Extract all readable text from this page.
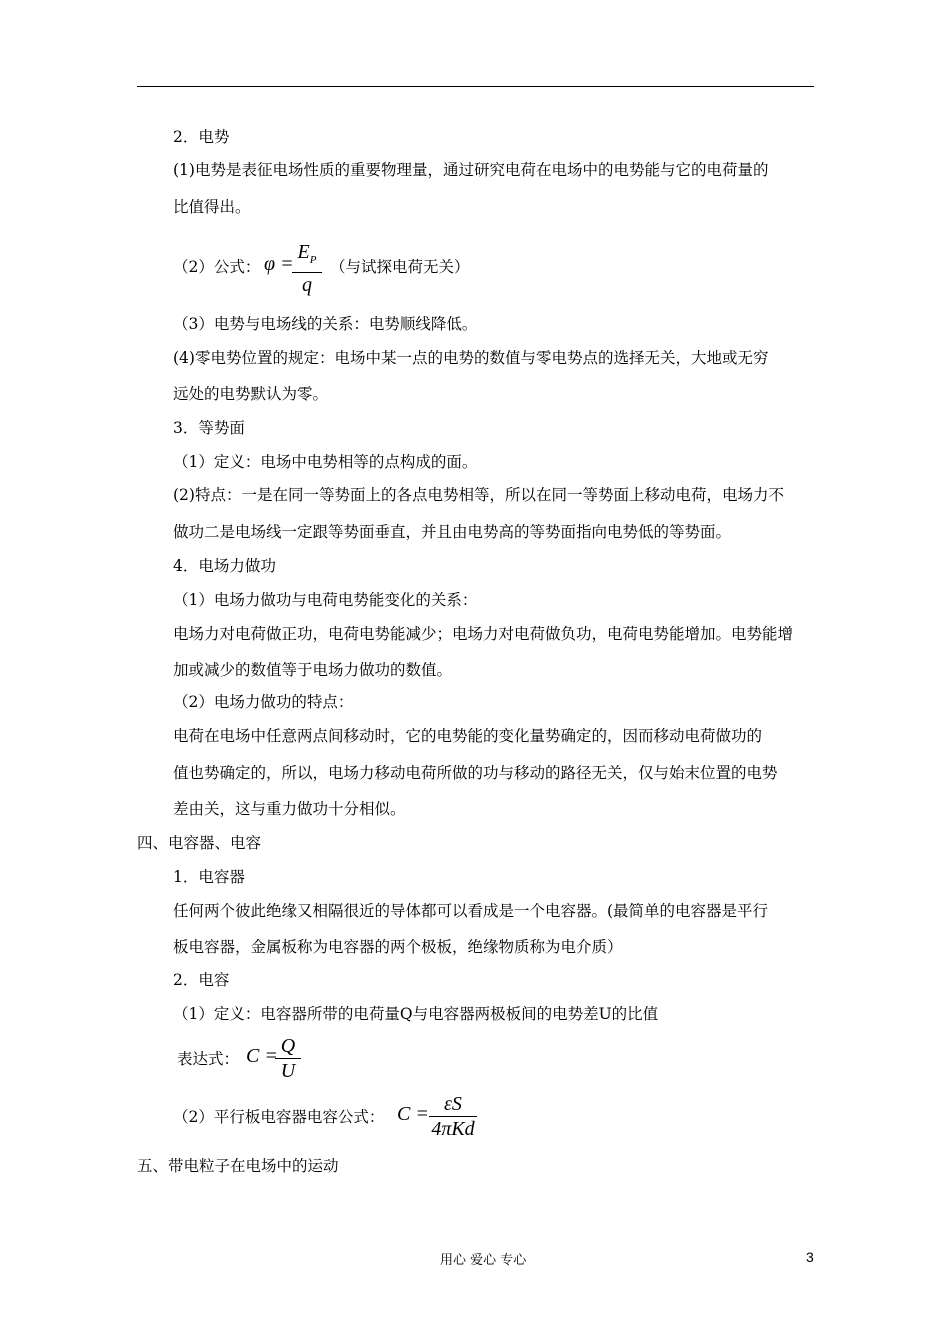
2．电势
(1)电势是表征电场性质的重要物理量，通过研究电荷在电场中的电势能与它的电荷量的
比值得出。
（2）公式： φ =
$E_P$
q
（与试探电荷无关）
（3）电势与电场线的关系：电势顺线降低。
(4)零电势位置的规定：电场中某一点的电势的数值与零电势点的选择无关，大地或无穷
远处的电势默认为零。
3．等势面
（1）定义：电场中电势相等的点构成的面。
(2)特点：一是在同一等势面上的各点电势相等，所以在同一等势面上移动电荷，电场力不
做功二是电场线一定跟等势面垂直，并且由电势高的等势面指向电势低的等势面。
4．电场力做功
（1）电场力做功与电荷电势能变化的关系：
电场力对电荷做正功，电荷电势能减少；电场力对电荷做负功，电荷电势能增加。电势能增
加或减少的数值等于电场力做功的数值。
（2）电场力做功的特点：
电荷在电场中任意两点间移动时，它的电势能的变化量势确定的，因而移动电荷做功的
值也势确定的，所以，电场力移动电荷所做的功与移动的路径无关，仅与始末位置的电势
差由关，这与重力做功十分相似。
四、电容器、电容
1．电容器
任何两个彼此绝缘又相隔很近的导体都可以看成是一个电容器。(最简单的电容器是平行
板电容器，金属板称为电容器的两个极板，绝缘物质称为电介质）
2．电容
（1）定义：电容器所带的电荷量Q与电容器两极板间的电势差U的比值
表达式： C = Q
U
（2）平行板电容器电容公式： C = εS
4πKd
五、带电粒子在电场中的运动
用心 爱心 专心	3
